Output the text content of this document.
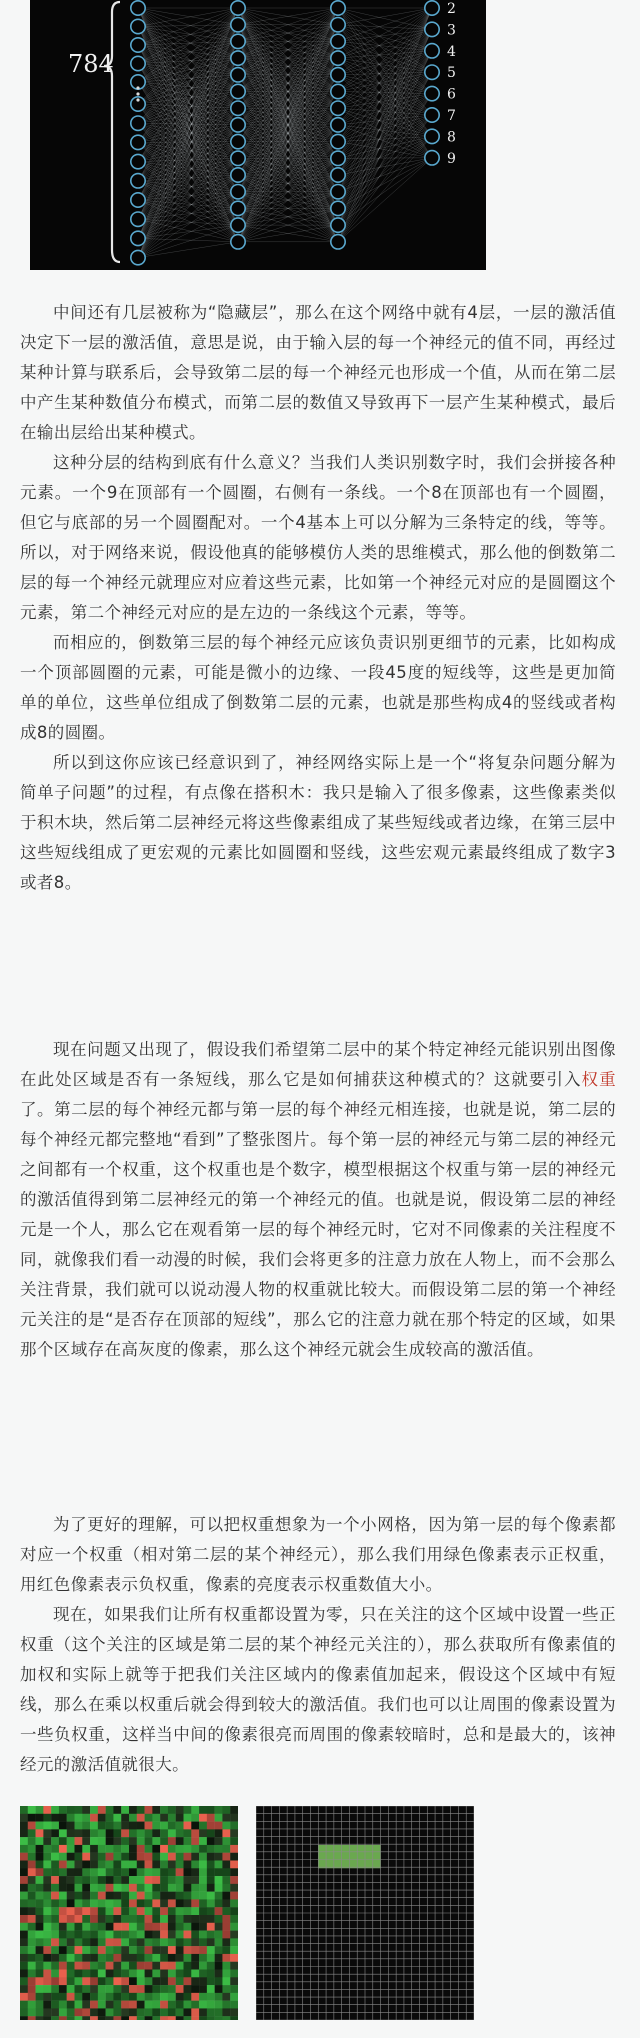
784
2
3
4
5
6
7
8
9

中间还有几层被称为“隐藏层”，那么在这个网络中就有4层，一层的激活值决定下一层的激活值，意思是说，由于输入层的每一个神经元的值不同，再经过某种计算与联系后，会导致第二层的每一个神经元也形成一个值，从而在第二层中产生某种数值分布模式，而第二层的数值又导致再下一层产生某种模式，最后在输出层给出某种模式。

这种分层的结构到底有什么意义？当我们人类识别数字时，我们会拼接各种元素。一个9在顶部有一个圆圈，右侧有一条线。一个8在顶部也有一个圆圈，但它与底部的另一个圆圈配对。一个4基本上可以分解为三条特定的线，等等。所以，对于网络来说，假设他真的能够模仿人类的思维模式，那么他的倒数第二层的每一个神经元就理应对应着这些元素，比如第一个神经元对应的是圆圈这个元素，第二个神经元对应的是左边的一条线这个元素，等等。

而相应的，倒数第三层的每个神经元应该负责识别更细节的元素，比如构成一个顶部圆圈的元素，可能是微小的边缘、一段45度的短线等，这些是更加简单的单位，这些单位组成了倒数第二层的元素，也就是那些构成4的竖线或者构成8的圆圈。

所以到这你应该已经意识到了，神经网络实际上是一个“将复杂问题分解为简单子问题”的过程，有点像在搭积木：我只是输入了很多像素，这些像素类似于积木块，然后第二层神经元将这些像素组成了某些短线或者边缘，在第三层中这些短线组成了更宏观的元素比如圆圈和竖线，这些宏观元素最终组成了数字3或者8。

现在问题又出现了，假设我们希望第二层中的某个特定神经元能识别出图像在此处区域是否有一条短线，那么它是如何捕获这种模式的？这就要引入权重了。第二层的每个神经元都与第一层的每个神经元相连接，也就是说，第二层的每个神经元都完整地“看到”了整张图片。每个第一层的神经元与第二层的神经元之间都有一个权重，这个权重也是个数字，模型根据这个权重与第一层的神经元的激活值得到第二层神经元的第一个神经元的值。也就是说，假设第二层的神经元是一个人，那么它在观看第一层的每个神经元时，它对不同像素的关注程度不同，就像我们看一动漫的时候，我们会将更多的注意力放在人物上，而不会那么关注背景，我们就可以说动漫人物的权重就比较大。而假设第二层的第一个神经元关注的是“是否存在顶部的短线”，那么它的注意力就在那个特定的区域，如果那个区域存在高灰度的像素，那么这个神经元就会生成较高的激活值。

为了更好的理解，可以把权重想象为一个小网格，因为第一层的每个像素都对应一个权重（相对第二层的某个神经元），那么我们用绿色像素表示正权重，用红色像素表示负权重，像素的亮度表示权重数值大小。

现在，如果我们让所有权重都设置为零，只在关注的这个区域中设置一些正权重（这个关注的区域是第二层的某个神经元关注的），那么获取所有像素值的加权和实际上就等于把我们关注区域内的像素值加起来，假设这个区域中有短线，那么在乘以权重后就会得到较大的激活值。我们也可以让周围的像素设置为一些负权重，这样当中间的像素很亮而周围的像素较暗时，总和是最大的，该神经元的激活值就很大。
